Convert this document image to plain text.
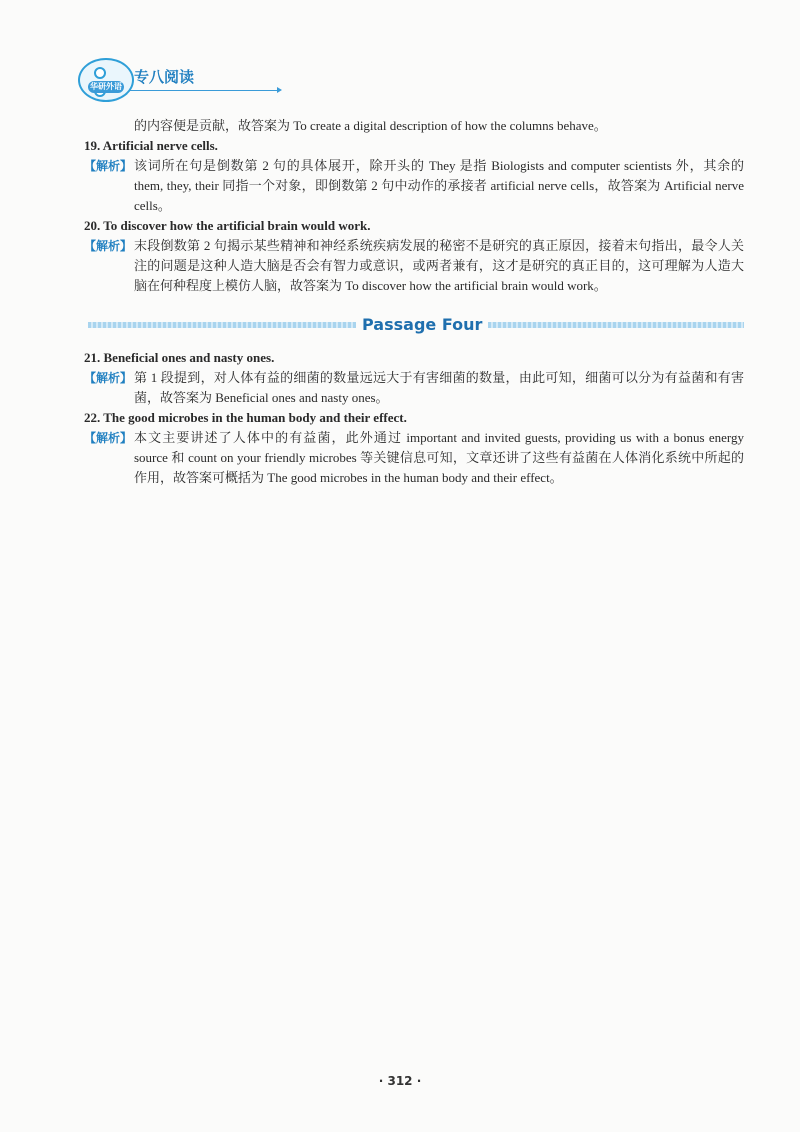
华研外语
专八阅读

的内容便是贡献，故答案为 To create a digital description of how the columns behave。

19. Artificial nerve cells.

【解析】 该词所在句是倒数第 2 句的具体展开，除开头的 They 是指 Biologists and computer scientists 外，其余的 them, they, their 同指一个对象，即倒数第 2 句中动作的承接者 artificial nerve cells，故答案为 Artificial nerve cells。

20. To discover how the artificial brain would work.

【解析】 末段倒数第 2 句揭示某些精神和神经系统疾病发展的秘密不是研究的真正原因，接着末句指出，最令人关注的问题是这种人造大脑是否会有智力或意识，或两者兼有，这才是研究的真正目的，这可理解为人造大脑在何种程度上模仿人脑，故答案为 To discover how the artificial brain would work。
Passage Four

21. Beneficial ones and nasty ones.

【解析】 第 1 段提到，对人体有益的细菌的数量远远大于有害细菌的数量，由此可知，细菌可以分为有益菌和有害菌，故答案为 Beneficial ones and nasty ones。

22. The good microbes in the human body and their effect.

【解析】 本文主要讲述了人体中的有益菌，此外通过 important and invited guests, providing us with a bonus energy source 和 count on your friendly microbes 等关键信息可知，文章还讲了这些有益菌在人体消化系统中所起的作用，故答案可概括为 The good microbes in the human body and their effect。
· 312 ·
